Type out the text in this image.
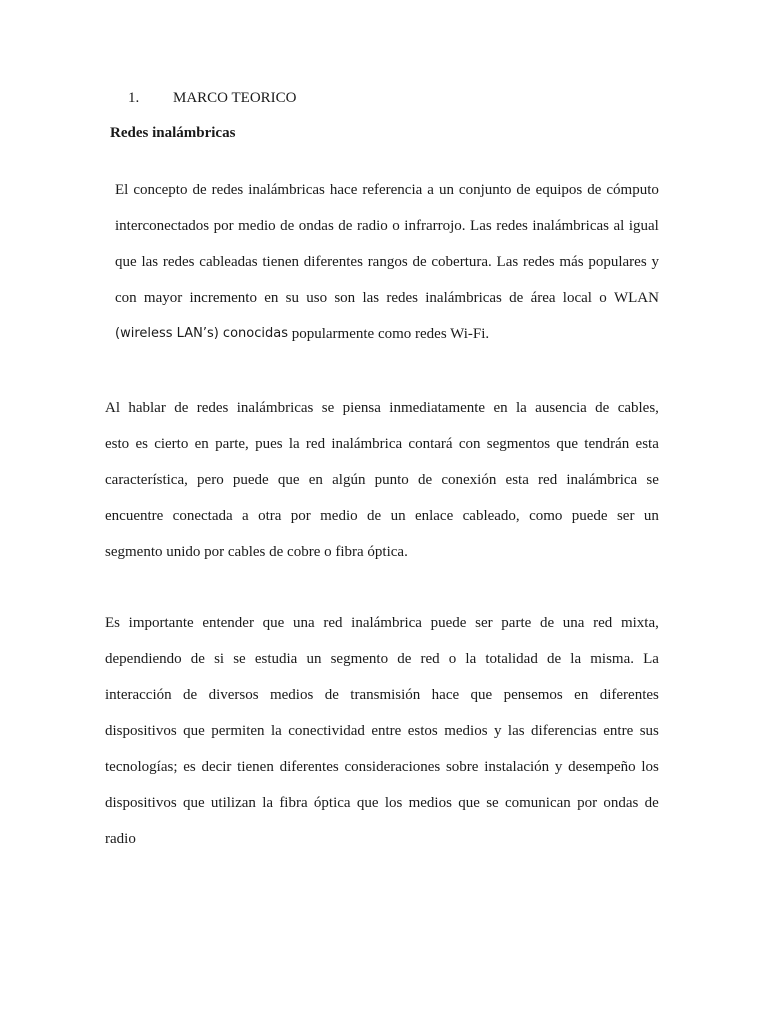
1. MARCO TEORICO
Redes inalámbricas
El concepto de redes inalámbricas hace referencia a un conjunto de equipos de cómputo
interconectados por medio de ondas de radio o infrarrojo. Las redes inalámbricas al igual
que las redes cableadas tienen diferentes rangos de cobertura. Las redes más populares y
con mayor incremento en su uso son las redes inalámbricas de área local o WLAN
(wireless LAN’s) conocidas popularmente como redes Wi-Fi.
Al hablar de redes inalámbricas se piensa inmediatamente en la ausencia de cables,
esto es cierto en parte, pues la red inalámbrica contará con segmentos que tendrán esta
característica, pero puede que en algún punto de conexión esta red inalámbrica se
encuentre conectada a otra por medio de un enlace cableado, como puede ser un
segmento unido por cables de cobre o fibra óptica.
Es importante entender que una red inalámbrica puede ser parte de una red mixta,
dependiendo de si se estudia un segmento de red o la totalidad de la misma. La
interacción de diversos medios de transmisión hace que pensemos en diferentes
dispositivos que permiten la conectividad entre estos medios y las diferencias entre sus
tecnologías; es decir tienen diferentes consideraciones sobre instalación y desempeño los
dispositivos que utilizan la fibra óptica que los medios que se comunican por ondas de
radio
